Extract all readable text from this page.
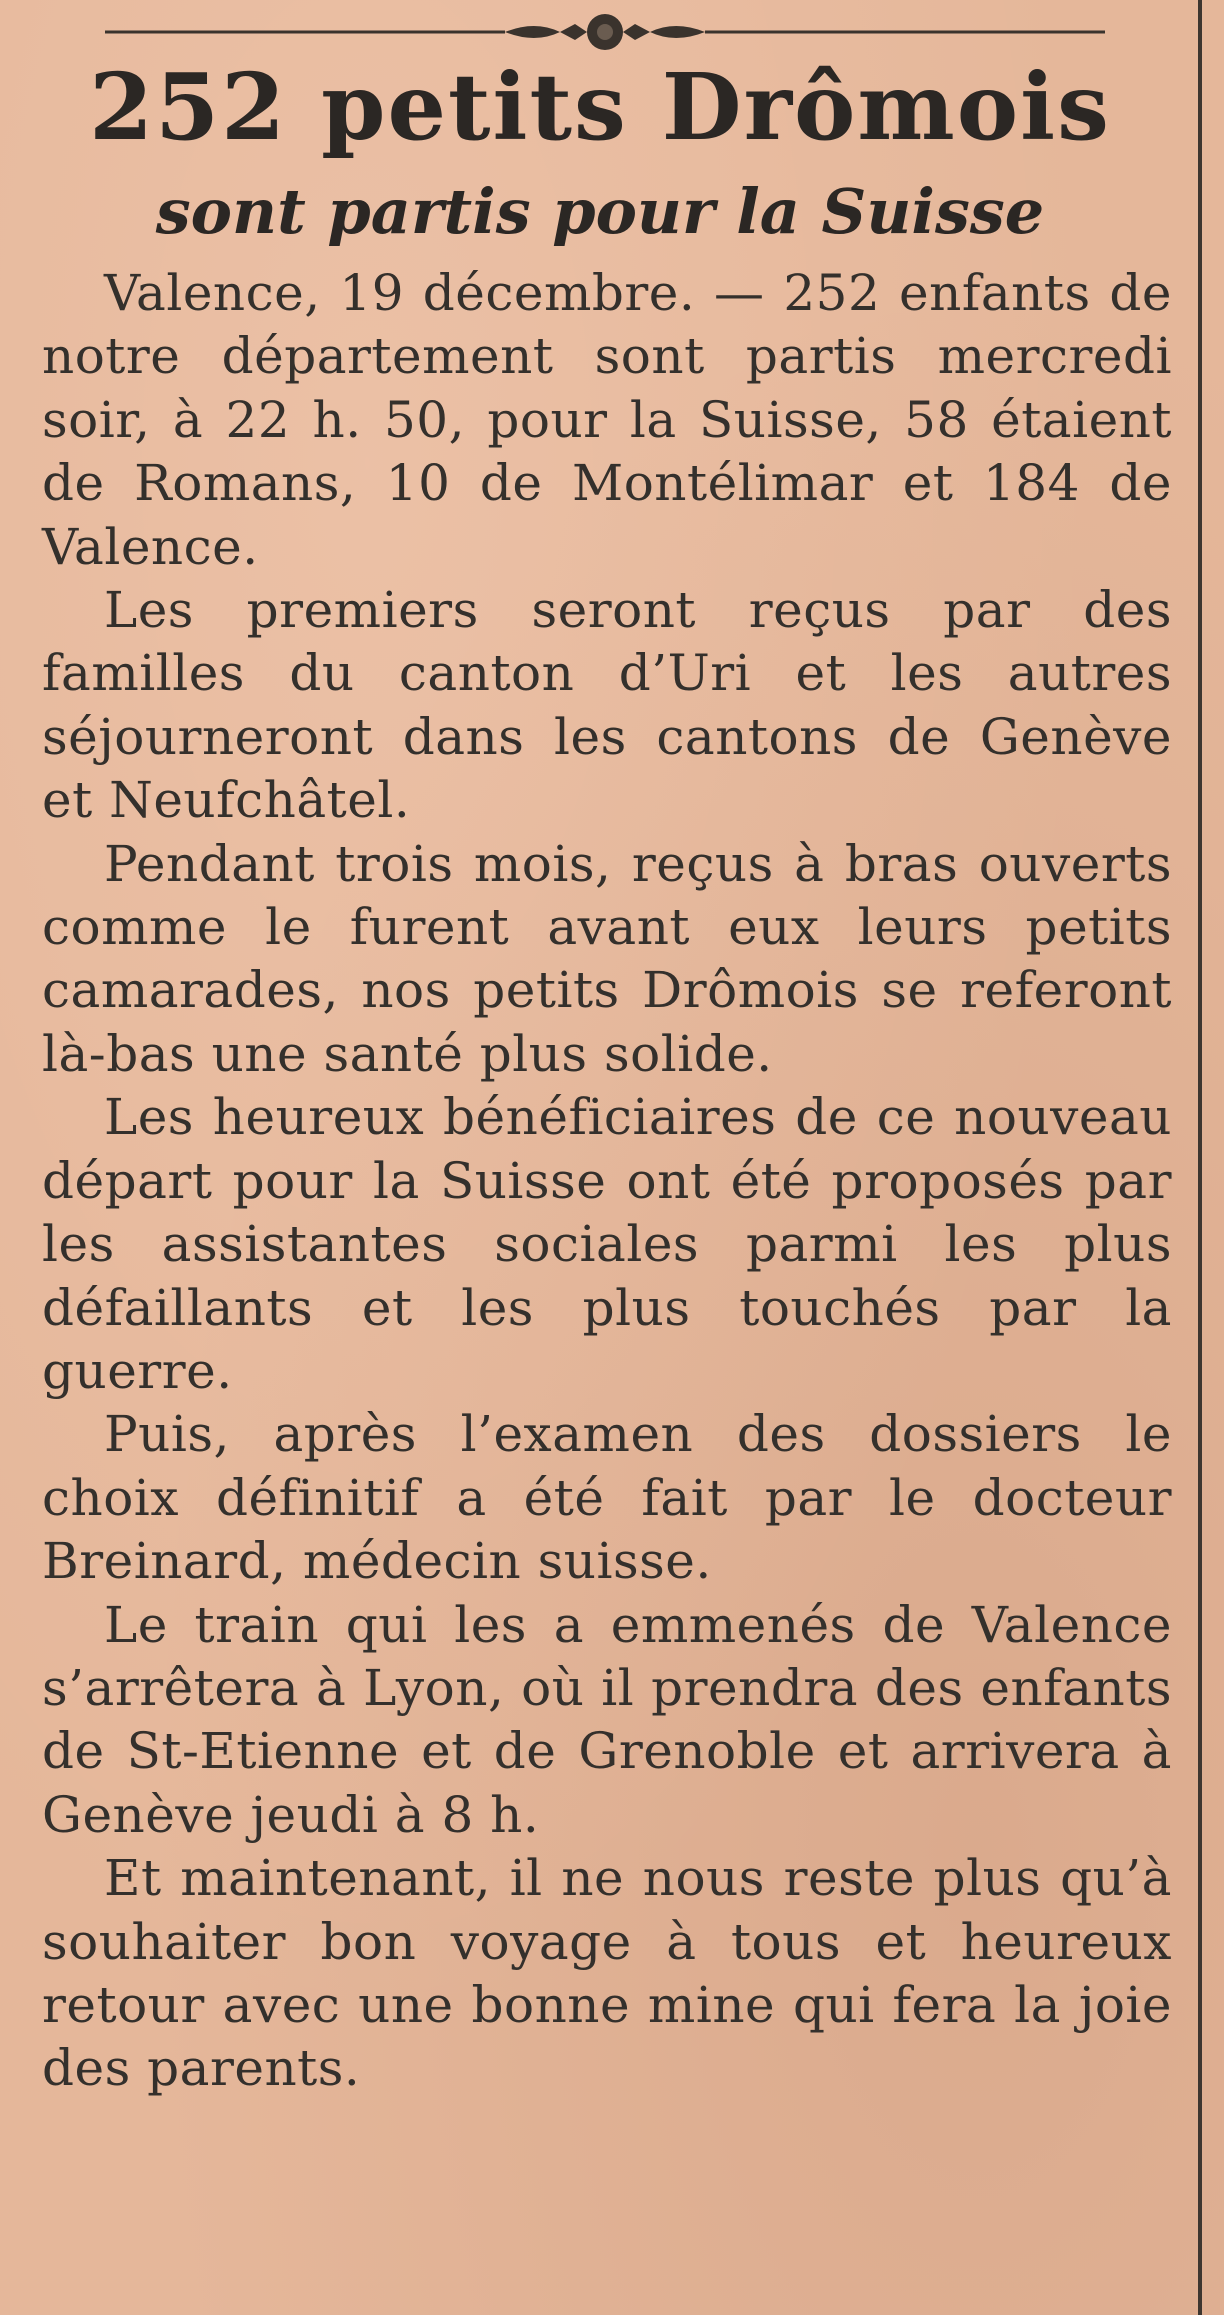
252 petits Drômois
sont partis pour la Suisse

Valence, 19 décembre. — 252 enfants de notre département sont partis mercredi soir, à 22 h. 50, pour la Suisse, 58 étaient de Romans, 10 de Montélimar et 184 de Valence.

Les premiers seront reçus par des familles du canton d’Uri et les autres séjourneront dans les cantons de Genève et Neufchâtel.

Pendant trois mois, reçus à bras ouverts comme le furent avant eux leurs petits camarades, nos petits Drômois se referont là-bas une santé plus solide.

Les heureux bénéficiaires de ce nouveau départ pour la Suisse ont été proposés par les assistantes sociales parmi les plus défaillants et les plus touchés par la guerre.

Puis, après l’examen des dossiers le choix définitif a été fait par le docteur Breinard, médecin suisse.

Le train qui les a emmenés de Valence s’arrêtera à Lyon, où il prendra des enfants de St-Etienne et de Grenoble et arrivera à Genève jeudi à 8 h.

Et maintenant, il ne nous reste plus qu’à souhaiter bon voyage à tous et heureux retour avec une bonne mine qui fera la joie des parents.
